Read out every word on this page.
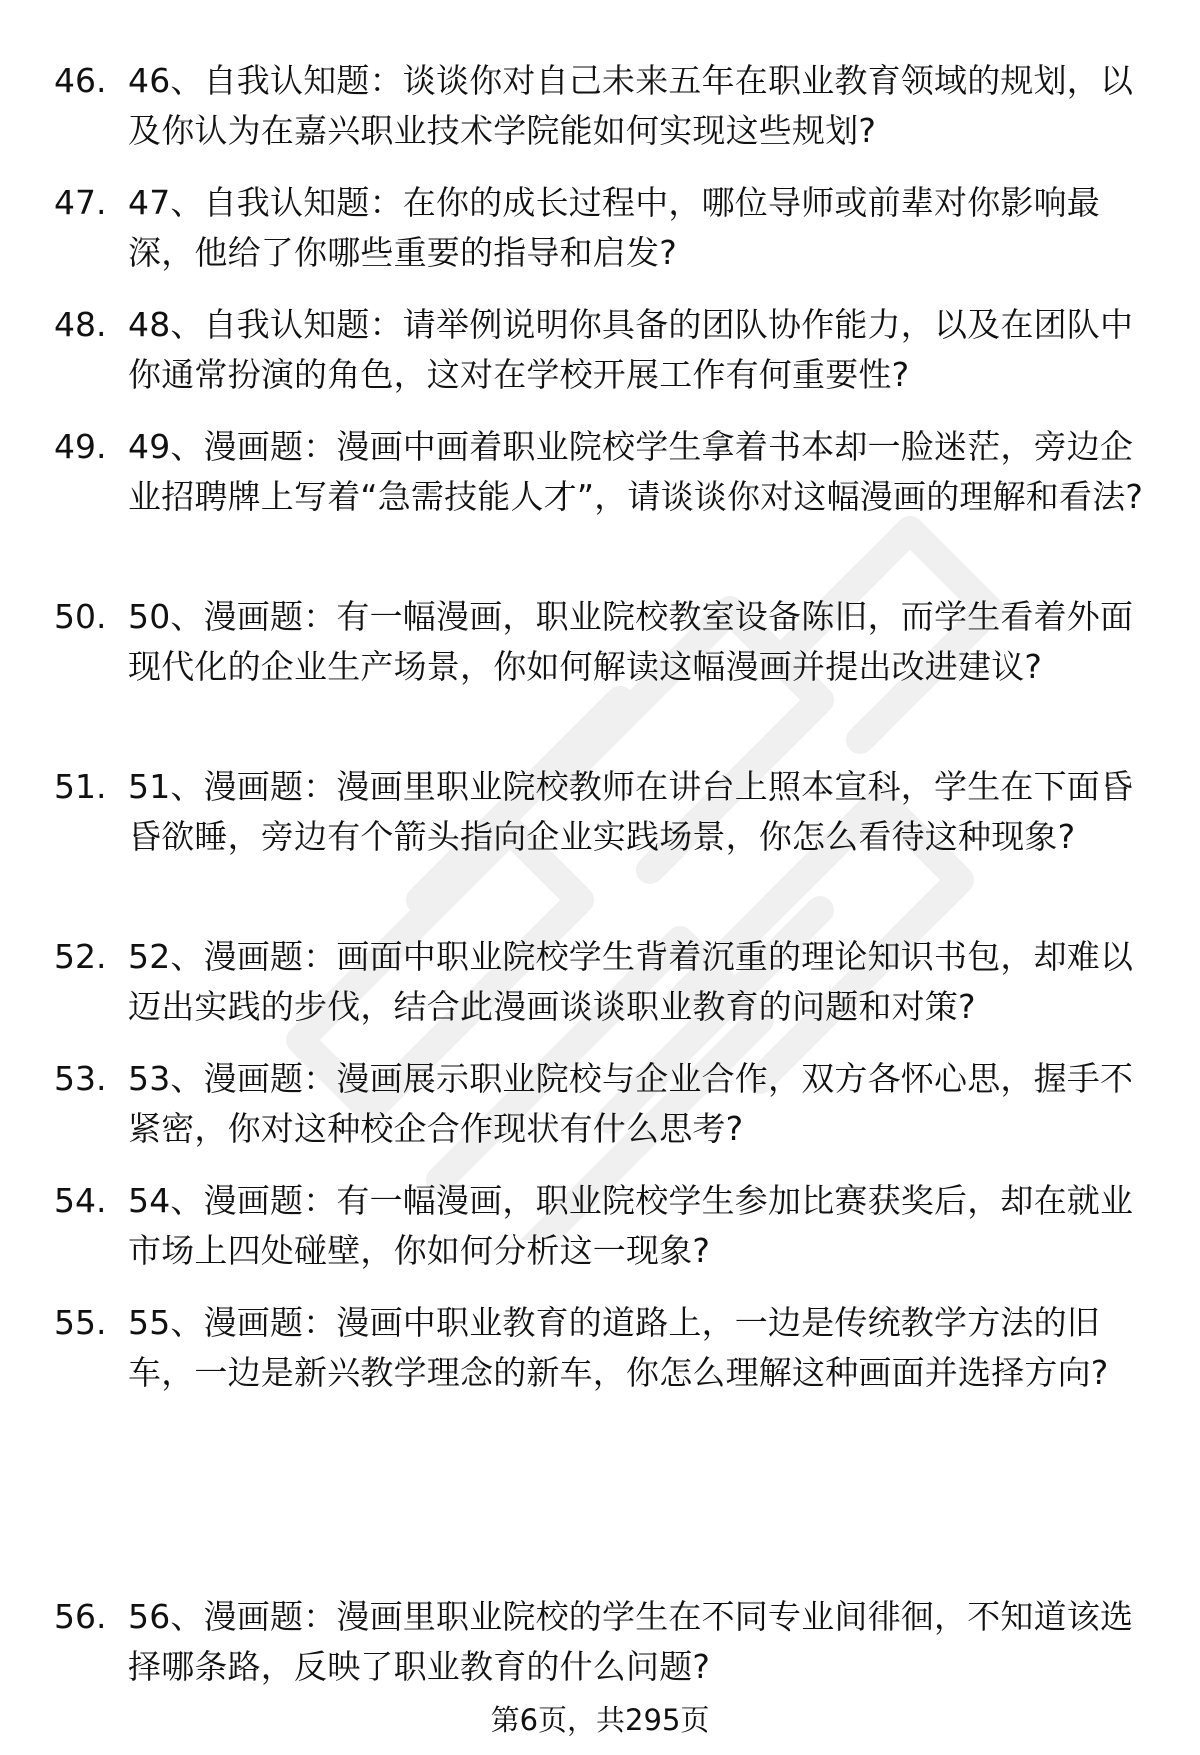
46. 46、自我认知题：谈谈你对自己未来五年在职业教育领域的规划，以及你认为在嘉兴职业技术学院能如何实现这些规划?
47. 47、自我认知题：在你的成长过程中，哪位导师或前辈对你影响最深，他给了你哪些重要的指导和启发?
48. 48、自我认知题：请举例说明你具备的团队协作能力，以及在团队中你通常扮演的角色，这对在学校开展工作有何重要性?
49. 49、漫画题：漫画中画着职业院校学生拿着书本却一脸迷茫，旁边企业招聘牌上写着“急需技能人才”，请谈谈你对这幅漫画的理解和看法?
50. 50、漫画题：有一幅漫画，职业院校教室设备陈旧，而学生看着外面现代化的企业生产场景，你如何解读这幅漫画并提出改进建议?
51. 51、漫画题：漫画里职业院校教师在讲台上照本宣科，学生在下面昏昏欲睡，旁边有个箭头指向企业实践场景，你怎么看待这种现象?
52. 52、漫画题：画面中职业院校学生背着沉重的理论知识书包，却难以迈出实践的步伐，结合此漫画谈谈职业教育的问题和对策?
53. 53、漫画题：漫画展示职业院校与企业合作，双方各怀心思，握手不紧密，你对这种校企合作现状有什么思考?
54. 54、漫画题：有一幅漫画，职业院校学生参加比赛获奖后，却在就业市场上四处碰壁，你如何分析这一现象?
55. 55、漫画题：漫画中职业教育的道路上，一边是传统教学方法的旧车，一边是新兴教学理念的新车，你怎么理解这种画面并选择方向?
56. 56、漫画题：漫画里职业院校的学生在不同专业间徘徊，不知道该选择哪条路，反映了职业教育的什么问题?
第6页，共295页
